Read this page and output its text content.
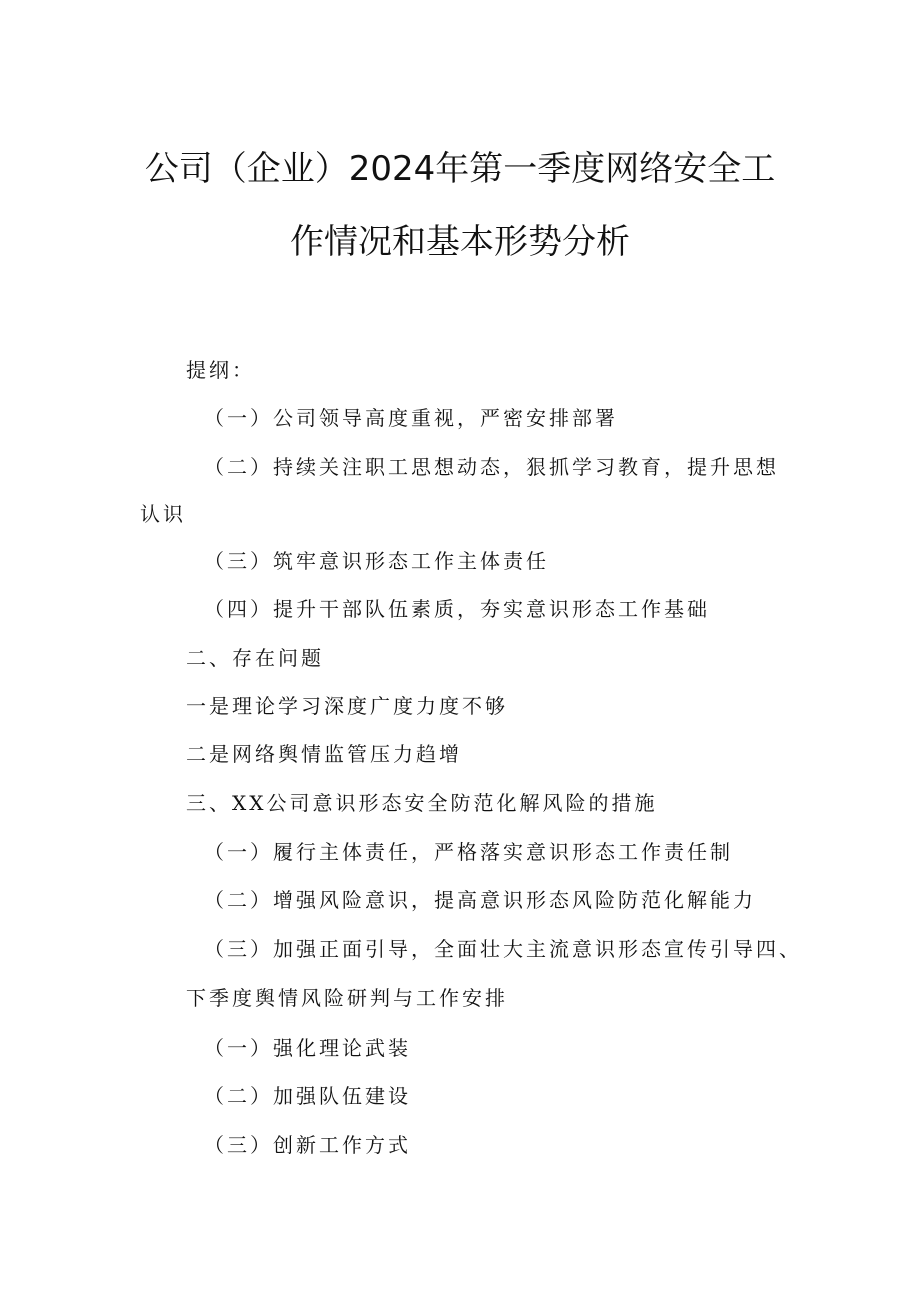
公司（企业）2024年第一季度网络安全工
作情况和基本形势分析
提纲：
（一）公司领导高度重视，严密安排部署
（二）持续关注职工思想动态，狠抓学习教育，提升思想
认识
（三）筑牢意识形态工作主体责任
（四）提升干部队伍素质，夯实意识形态工作基础
二、存在问题
一是理论学习深度广度力度不够
二是网络舆情监管压力趋增
三、XX公司意识形态安全防范化解风险的措施
（一）履行主体责任，严格落实意识形态工作责任制
（二）增强风险意识，提高意识形态风险防范化解能力
（三）加强正面引导，全面壮大主流意识形态宣传引导四、
下季度舆情风险研判与工作安排
（一）强化理论武装
（二）加强队伍建设
（三）创新工作方式
